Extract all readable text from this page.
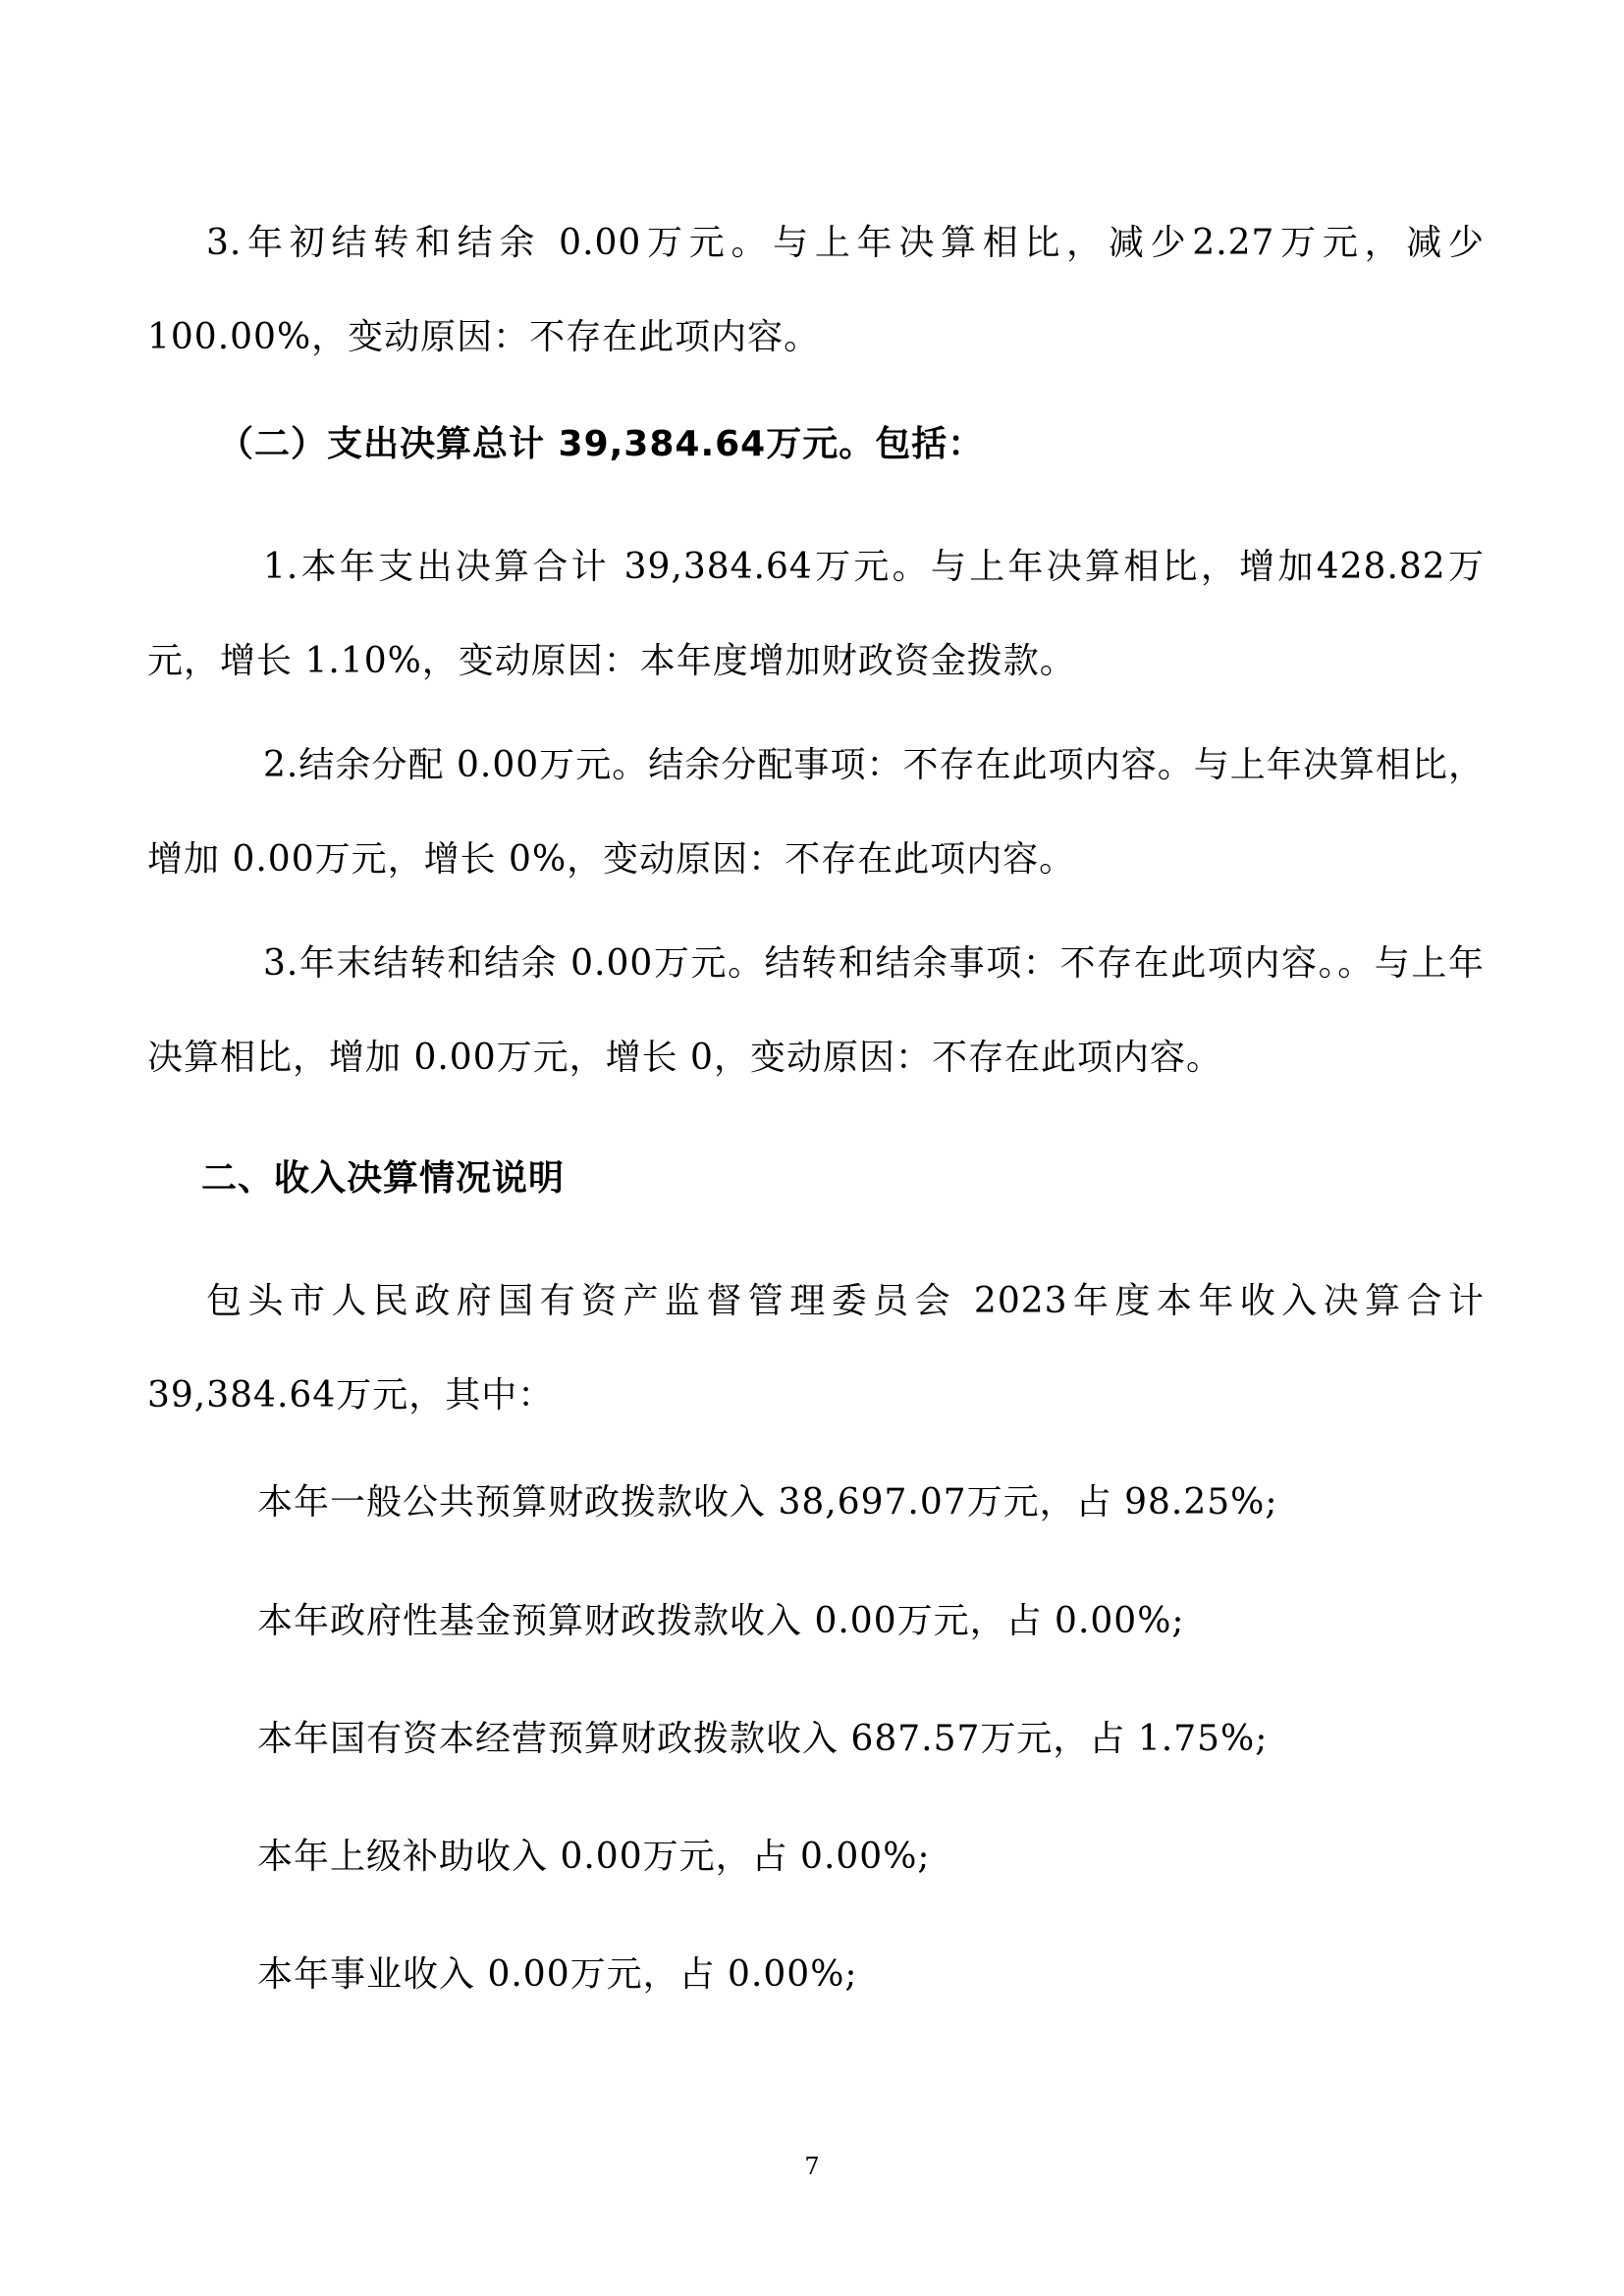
3.年初结转和结余 0.00万元。与上年决算相比，减少2.27万元，减少100.00%，变动原因：不存在此项内容。

（二）支出决算总计 39,384.64万元。包括：

1.本年支出决算合计 39,384.64万元。与上年决算相比，增加428.82万元，增长 1.10%，变动原因：本年度增加财政资金拨款。

2.结余分配 0.00万元。结余分配事项：不存在此项内容。与上年决算相比，增加 0.00万元，增长 0%，变动原因：不存在此项内容。

3.年末结转和结余 0.00万元。结转和结余事项：不存在此项内容。。与上年决算相比，增加 0.00万元，增长 0，变动原因：不存在此项内容。

二、收入决算情况说明

包头市人民政府国有资产监督管理委员会 2023年度本年收入决算合计39,384.64万元，其中：

本年一般公共预算财政拨款收入 38,697.07万元，占 98.25%;

本年政府性基金预算财政拨款收入 0.00万元，占 0.00%;

本年国有资本经营预算财政拨款收入 687.57万元，占 1.75%;

本年上级补助收入 0.00万元，占 0.00%;

本年事业收入 0.00万元，占 0.00%;

7
